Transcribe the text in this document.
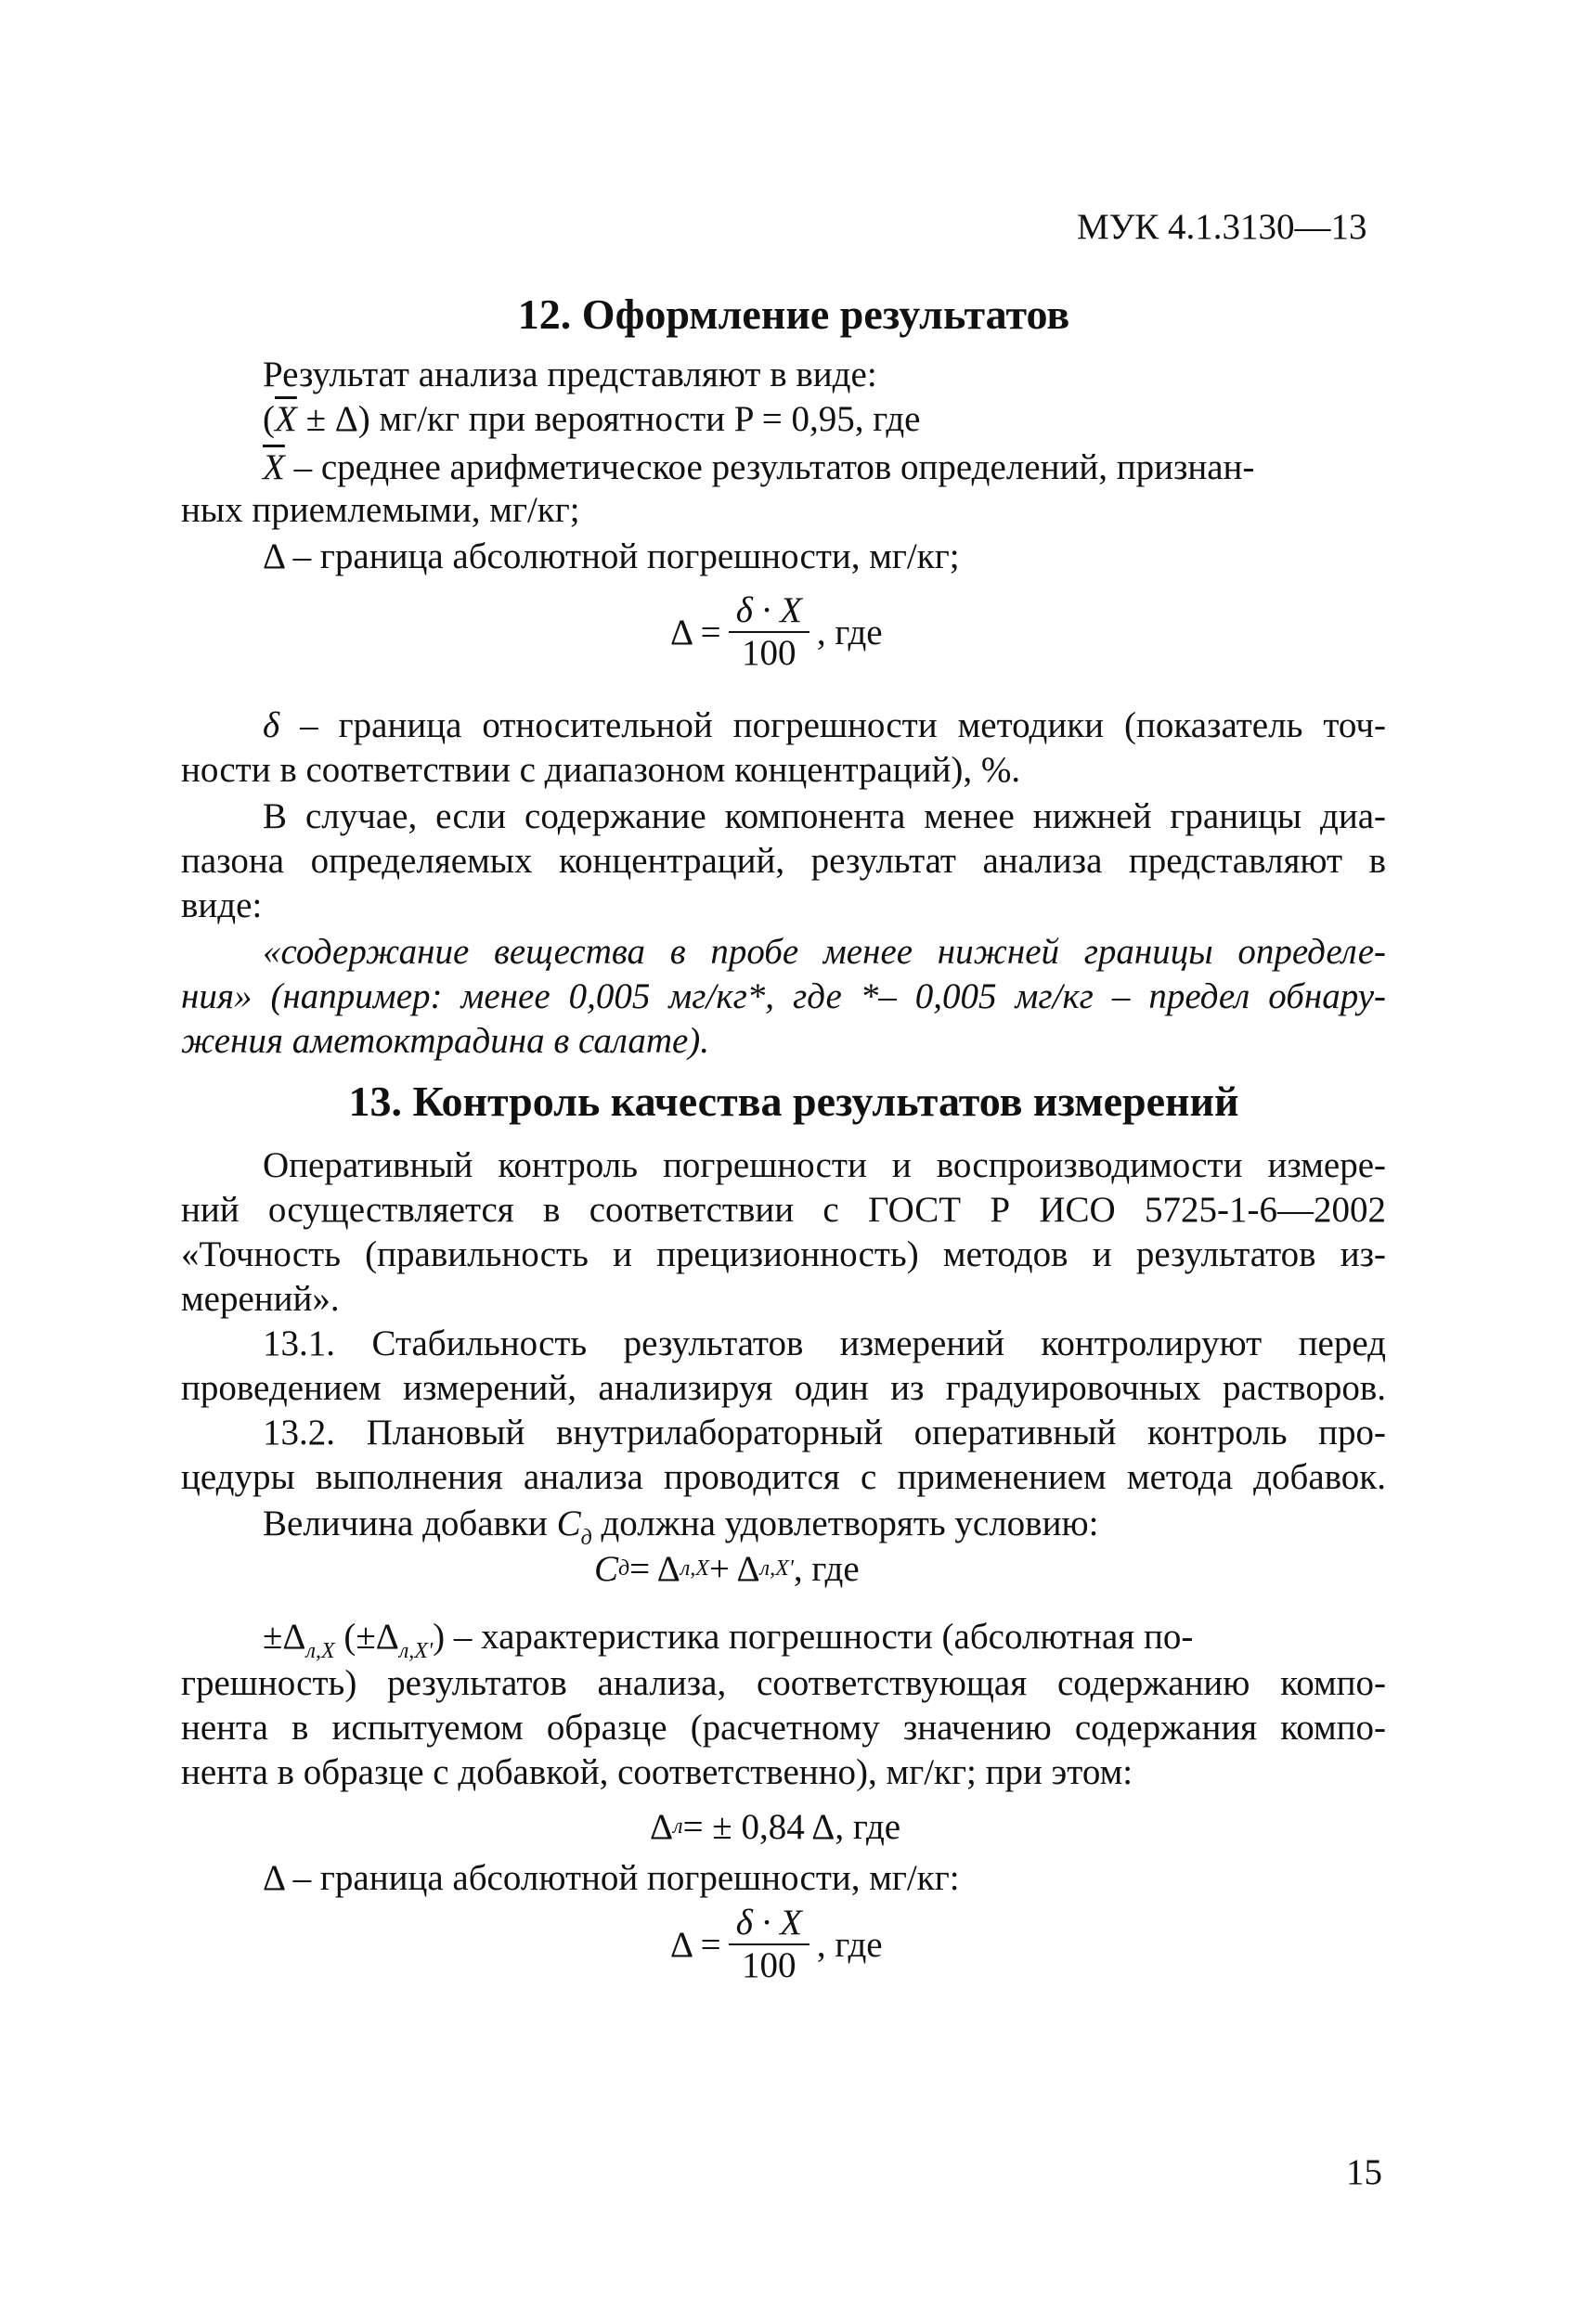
МУК 4.1.3130—13
12. Оформление результатов
Результат анализа представляют в виде:
$(\overline{X} \pm \Delta)$ мг/кг при вероятности P = 0,95, где
$\overline{X}$ – среднее арифметическое результатов определений, признан-
ных приемлемыми, мг/кг;
Δ – граница абсолютной погрешности, мг/кг;
$\Delta = \frac{\delta \cdot X}{100}$ , где
δ – граница относительной погрешности методики (показатель точ-
ности в соответствии с диапазоном концентраций), %.
В случае, если содержание компонента менее нижней границы диа-
пазона определяемых концентраций, результат анализа представляют в
виде:
«содержание вещества в пробе менее нижней границы определе-
ния» (например: менее 0,005 мг/кг*, где *– 0,005 мг/кг – предел обнару-
жения аметоктрадина в салате).
13. Контроль качества результатов измерений
Оперативный контроль погрешности и воспроизводимости измере-
ний осуществляется в соответствии с ГОСТ Р ИСО 5725-1-6—2002
«Точность (правильность и прецизионность) методов и результатов из-
мерений».
13.1. Стабильность результатов измерений контролируют перед
проведением измерений, анализируя один из градуировочных растворов.
13.2. Плановый внутрилабораторный оперативный контроль про-
цедуры выполнения анализа проводится с применением метода добавок.
Величина добавки $C_д$ должна удовлетворять условию:
C д = Δ л,X + Δ л,X' , где
$\pm\Delta_{л,X}$ $(\pm\Delta_{л,X'})$ – характеристика погрешности (абсолютная по-
грешность) результатов анализа, соответствующая содержанию компо-
нента в испытуемом образце (расчетному значению содержания компо-
нента в образце с добавкой, соответственно), мг/кг; при этом:
Δ л = ± 0,84 Δ, где
Δ – граница абсолютной погрешности, мг/кг:
$\Delta = \frac{\delta \cdot X}{100}$ , где
15
